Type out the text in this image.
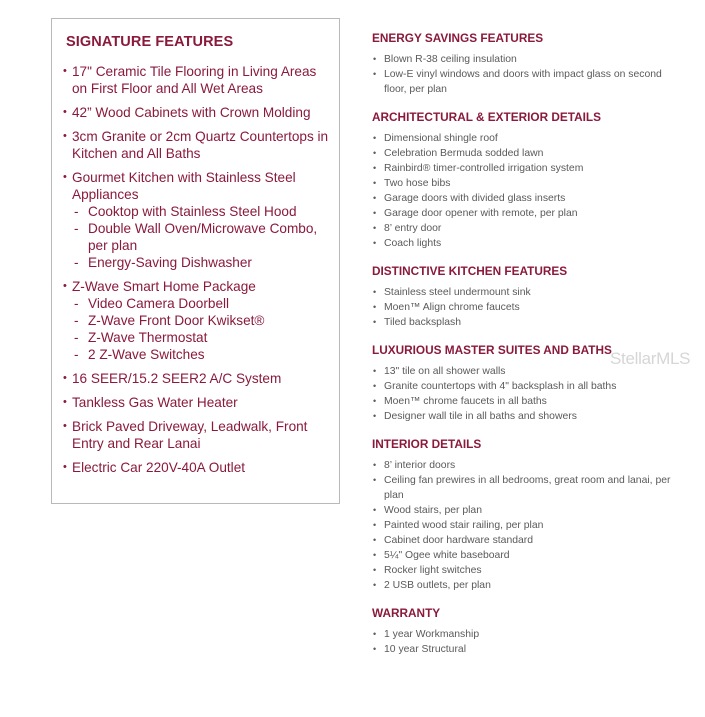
SIGNATURE FEATURES
• 17" Ceramic Tile Flooring in Living Areas on First Floor and All Wet Areas
• 42” Wood Cabinets with Crown Molding
• 3cm Granite or 2cm Quartz Countertops in Kitchen and All Baths
• Gourmet Kitchen with Stainless Steel Appliances
- Cooktop with Stainless Steel Hood
- Double Wall Oven/Microwave Combo, per plan
- Energy-Saving Dishwasher
• Z-Wave Smart Home Package
- Video Camera Doorbell
- Z-Wave Front Door Kwikset®
- Z-Wave Thermostat
- 2 Z-Wave Switches
• 16 SEER/15.2 SEER2 A/C System
• Tankless Gas Water Heater
• Brick Paved Driveway, Leadwalk, Front Entry and Rear Lanai
• Electric Car 220V-40A Outlet
ENERGY SAVINGS FEATURES
• Blown R-38 ceiling insulation
• Low-E vinyl windows and doors with impact glass on second floor, per plan
ARCHITECTURAL & EXTERIOR DETAILS
• Dimensional shingle roof
• Celebration Bermuda sodded lawn
• Rainbird® timer-controlled irrigation system
• Two hose bibs
• Garage doors with divided glass inserts
• Garage door opener with remote, per plan
• 8’ entry door
• Coach lights
DISTINCTIVE KITCHEN FEATURES
• Stainless steel undermount sink
• Moen™ Align chrome faucets
• Tiled backsplash
LUXURIOUS MASTER SUITES AND BATHS
• 13" tile on all shower walls
• Granite countertops with 4" backsplash in all baths
• Moen™ chrome faucets in all baths
• Designer wall tile in all baths and showers
INTERIOR DETAILS
• 8’ interior doors
• Ceiling fan prewires in all bedrooms, great room and lanai, per plan
• Wood stairs, per plan
• Painted wood stair railing, per plan
• Cabinet door hardware standard
• 5¼" Ogee white baseboard
• Rocker light switches
• 2 USB outlets, per plan
WARRANTY
• 1 year Workmanship
• 10 year Structural
StellarMLS
